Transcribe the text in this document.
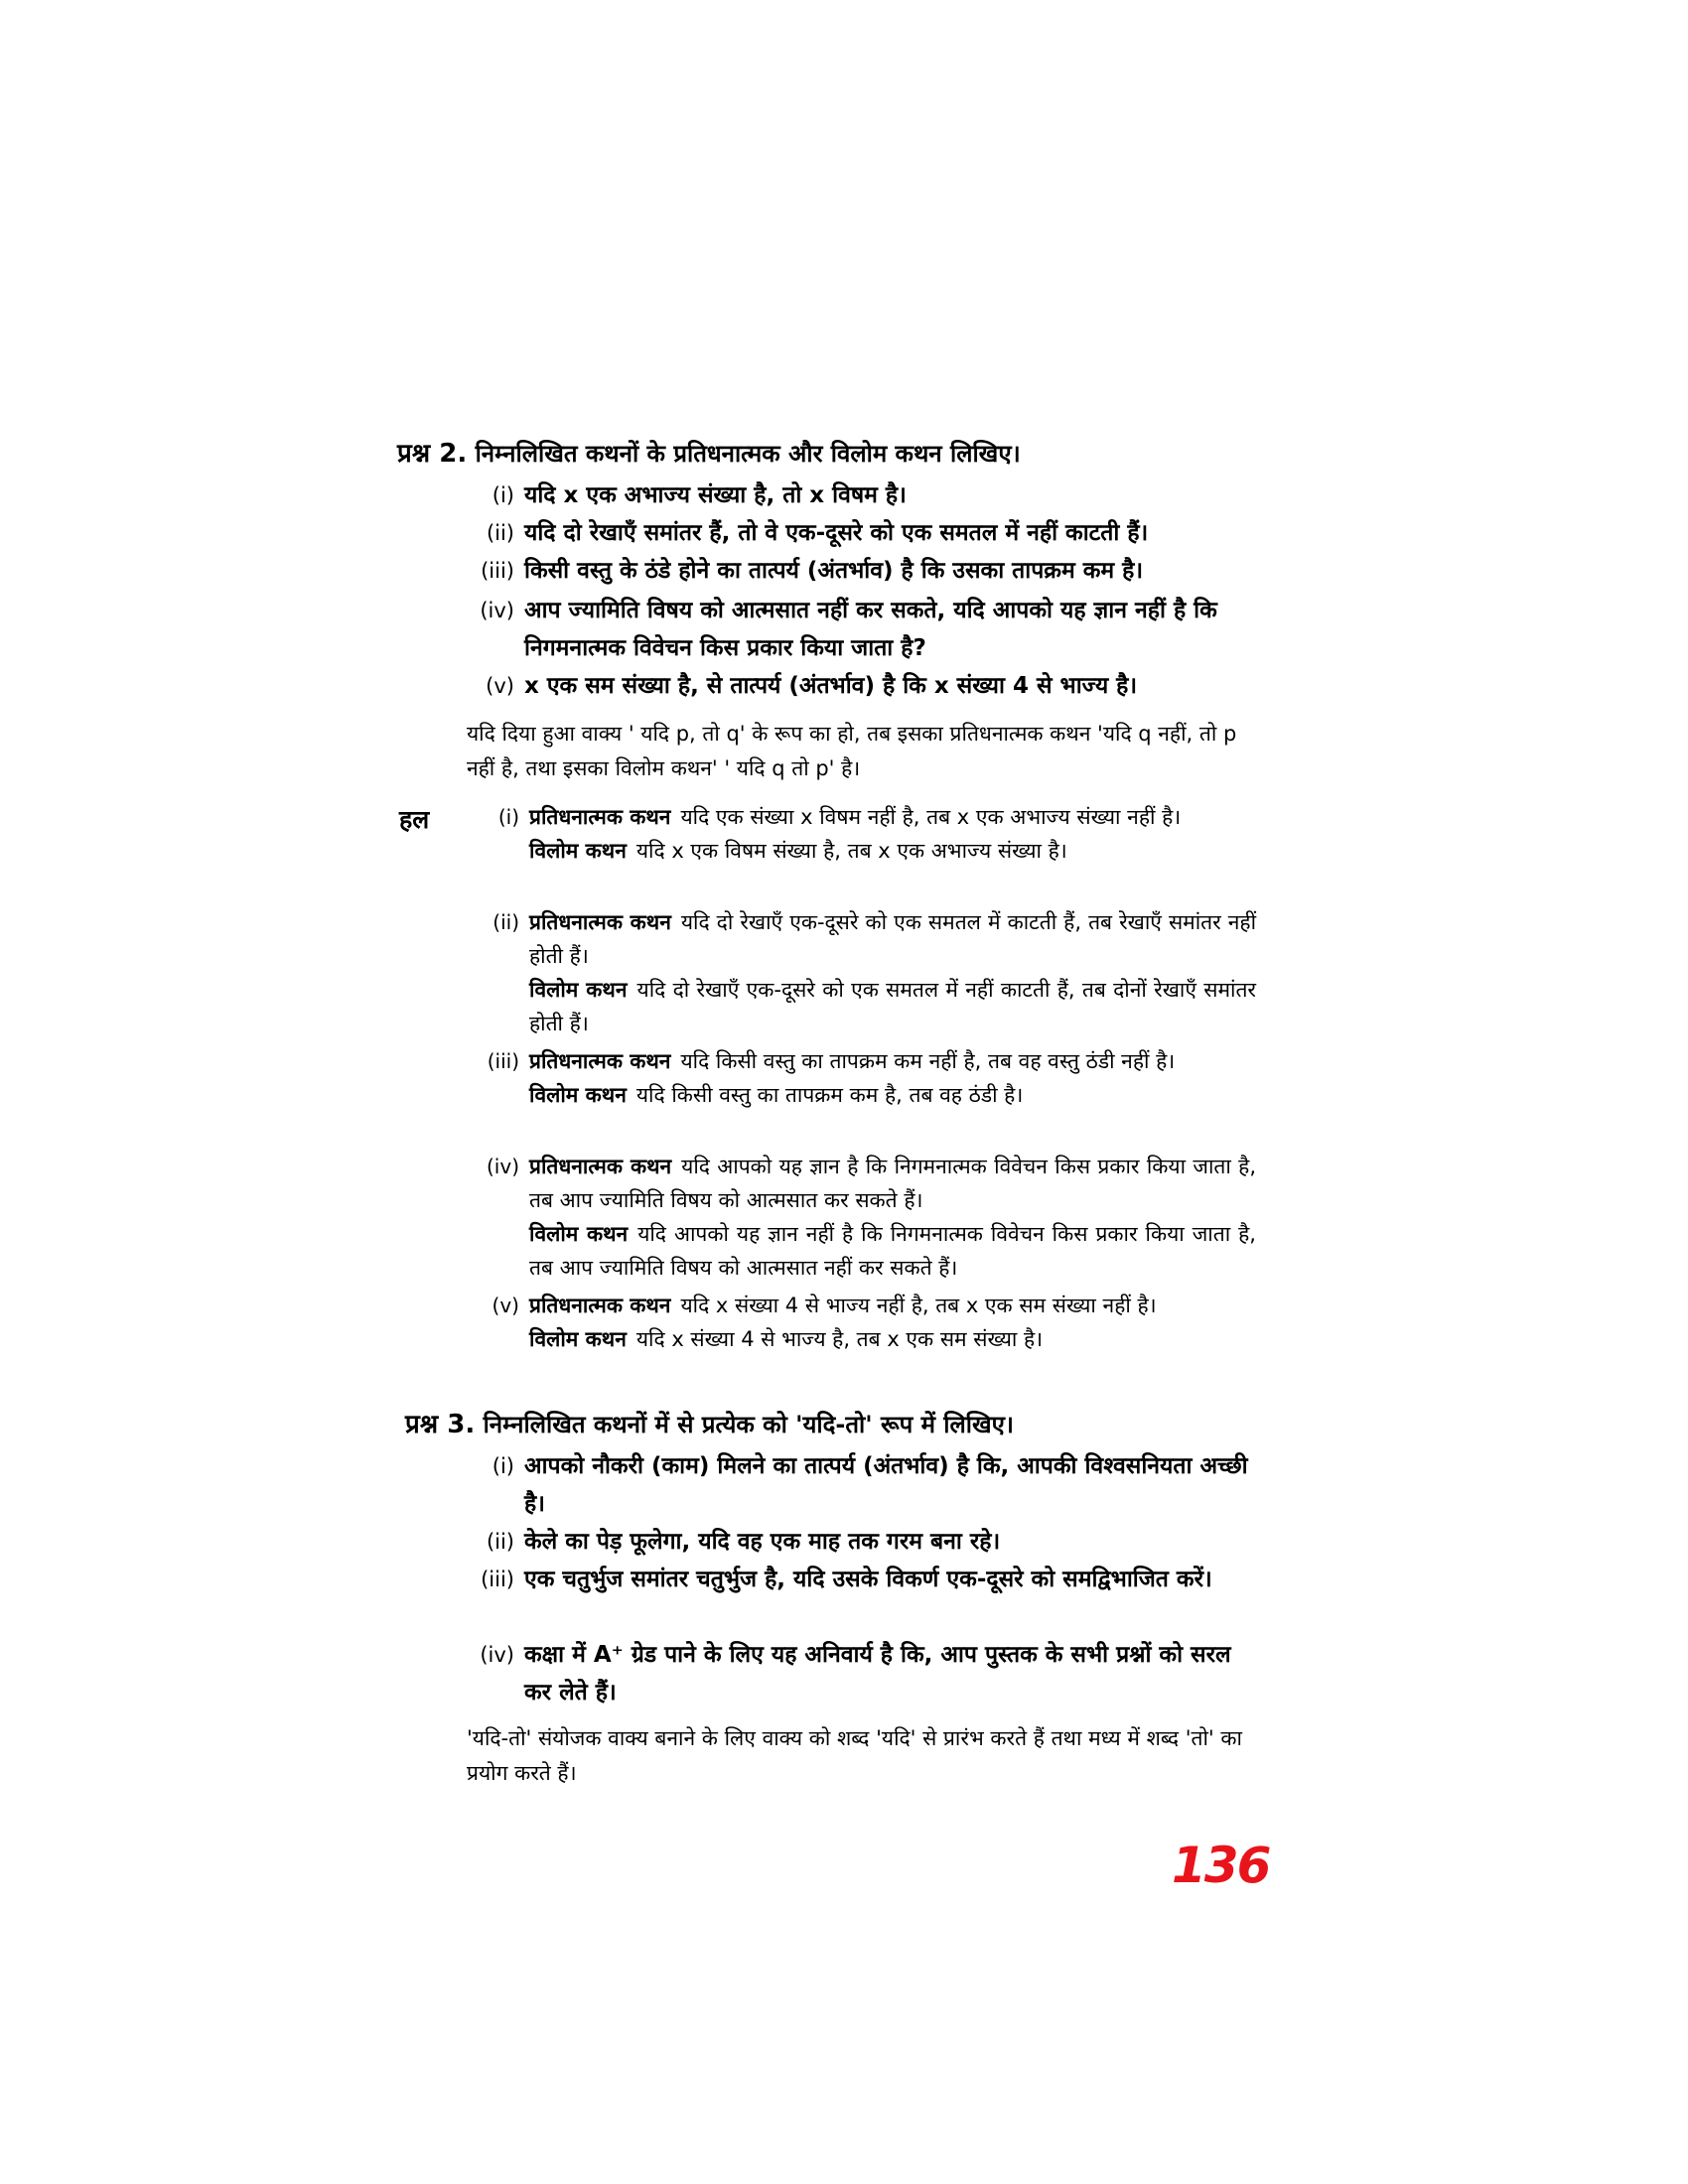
प्रश्न 2. निम्नलिखित कथनों के प्रतिधनात्मक और विलोम कथन लिखिए।
(i) यदि x एक अभाज्य संख्या है, तो x विषम है।
(ii) यदि दो रेखाएँ समांतर हैं, तो वे एक-दूसरे को एक समतल में नहीं काटती हैं।
(iii) किसी वस्तु के ठंडे होने का तात्पर्य (अंतर्भाव) है कि उसका तापक्रम कम है।
(iv) आप ज्यामिति विषय को आत्मसात नहीं कर सकते, यदि आपको यह ज्ञान नहीं है कि निगमनात्मक विवेचन किस प्रकार किया जाता है?
(v) x एक सम संख्या है, से तात्पर्य (अंतर्भाव) है कि x संख्या 4 से भाज्य है।
यदि दिया हुआ वाक्य ' यदि p, तो q' के रूप का हो, तब इसका प्रतिधनात्मक कथन 'यदि q नहीं, तो p नहीं है, तथा इसका विलोम कथन' ' यदि q तो p' है।
हल	(i) प्रतिधनात्मक कथन यदि एक संख्या x विषम नहीं है, तब x एक अभाज्य संख्या नहीं है।
विलोम कथन यदि x एक विषम संख्या है, तब x एक अभाज्य संख्या है।
(ii) प्रतिधनात्मक कथन यदि दो रेखाएँ एक-दूसरे को एक समतल में काटती हैं, तब रेखाएँ समांतर नहीं होती हैं।
विलोम कथन यदि दो रेखाएँ एक-दूसरे को एक समतल में नहीं काटती हैं, तब दोनों रेखाएँ समांतर होती हैं।
(iii) प्रतिधनात्मक कथन यदि किसी वस्तु का तापक्रम कम नहीं है, तब वह वस्तु ठंडी नहीं है।
विलोम कथन यदि किसी वस्तु का तापक्रम कम है, तब वह ठंडी है।
(iv) प्रतिधनात्मक कथन यदि आपको यह ज्ञान है कि निगमनात्मक विवेचन किस प्रकार किया जाता है, तब आप ज्यामिति विषय को आत्मसात कर सकते हैं।
विलोम कथन यदि आपको यह ज्ञान नहीं है कि निगमनात्मक विवेचन किस प्रकार किया जाता है, तब आप ज्यामिति विषय को आत्मसात नहीं कर सकते हैं।
(v) प्रतिधनात्मक कथन यदि x संख्या 4 से भाज्य नहीं है, तब x एक सम संख्या नहीं है।
विलोम कथन यदि x संख्या 4 से भाज्य है, तब x एक सम संख्या है।
प्रश्न 3. निम्नलिखित कथनों में से प्रत्येक को 'यदि-तो' रूप में लिखिए।
(i) आपको नौकरी (काम) मिलने का तात्पर्य (अंतर्भाव) है कि, आपकी विश्वसनियता अच्छी है।
(ii) केले का पेड़ फूलेगा, यदि वह एक माह तक गरम बना रहे।
(iii) एक चतुर्भुज समांतर चतुर्भुज है, यदि उसके विकर्ण एक-दूसरे को समद्विभाजित करें।
(iv) कक्षा में A⁺ ग्रेड पाने के लिए यह अनिवार्य है कि, आप पुस्तक के सभी प्रश्नों को सरल कर लेते हैं।
'यदि-तो' संयोजक वाक्य बनाने के लिए वाक्य को शब्द 'यदि' से प्रारंभ करते हैं तथा मध्य में शब्द 'तो' का प्रयोग करते हैं।
136
